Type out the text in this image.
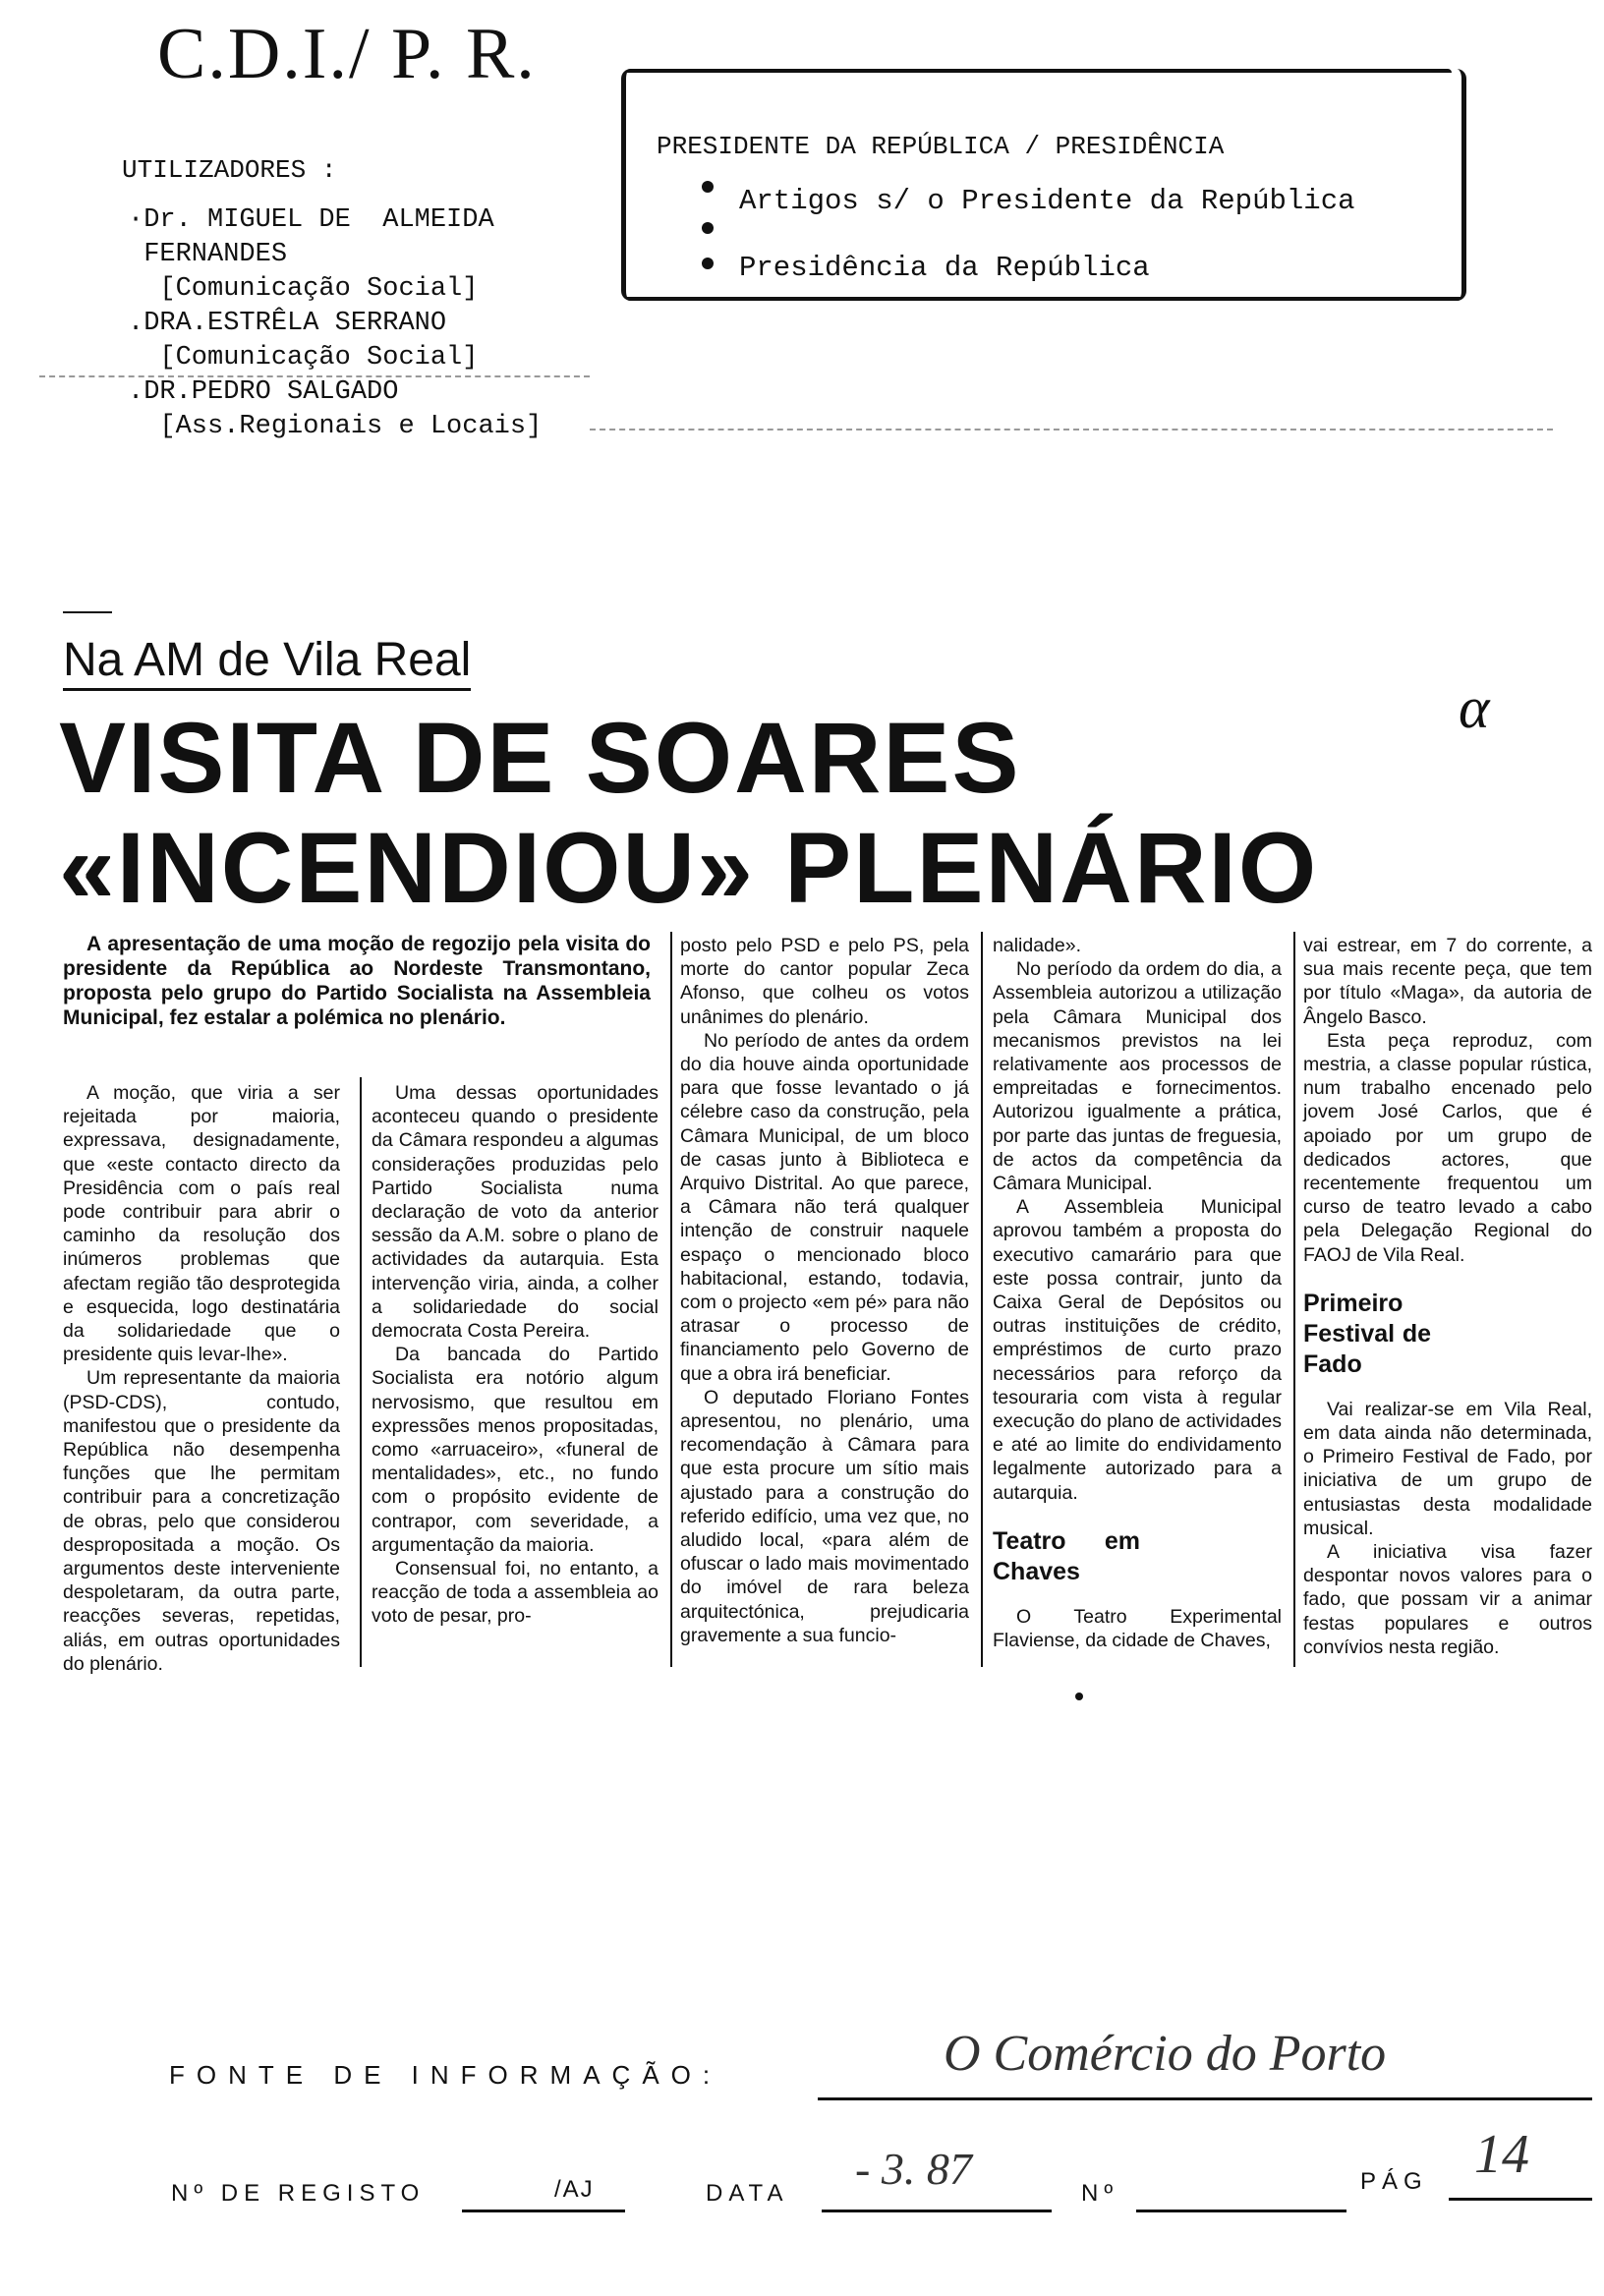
C.D.I./ P. R.
UTILIZADORES :
·Dr. MIGUEL DE  ALMEIDA
FERNANDES
[Comunicação Social]
.DRA.ESTRÊLA SERRANO
[Comunicação Social]
.DR.PEDRO SALGADO
[Ass.Regionais e Locais]
PRESIDENTE DA REPÚBLICA / PRESIDÊNCIA
Artigos s/ o Presidente da República
Presidência da República
Na AM de Vila Real
α
VISITA DE SOARES
«INCENDIOU» PLENÁRIO

A apresentação de uma moção de regozijo pela visita do presidente da República ao Nordeste Transmontano, proposta pelo grupo do Partido Socialista na Assembleia Municipal, fez estalar a polémica no plenário.

A moção, que viria a ser rejeitada por maioria, expressava, designadamente, que «este contacto directo da Presidência com o país real pode contribuir para abrir o caminho da resolução dos inúmeros problemas que afectam região tão desprotegida e esquecida, logo destinatária da solidariedade que o presidente quis levar-lhe».

Um representante da maioria (PSD-CDS), contudo, manifestou que o presidente da República não desempenha funções que lhe permitam contribuir para a concretização de obras, pelo que considerou despropositada a moção. Os argumentos deste interveniente despoletaram, da outra parte, reacções severas, repetidas, aliás, em outras oportunidades do plenário.

Uma dessas oportunidades aconteceu quando o presidente da Câmara respondeu a algumas considerações produzidas pelo Partido Socialista numa declaração de voto da anterior sessão da A.M. sobre o plano de actividades da autarquia. Esta intervenção viria, ainda, a colher a solidariedade do social democrata Costa Pereira.

Da bancada do Partido Socialista era notório algum nervosismo, que resultou em expressões menos propositadas, como «arruaceiro», «funeral de mentalidades», etc., no fundo com o propósito evidente de contrapor, com severidade, a argumentação da maioria.

Consensual foi, no entanto, a reacção de toda a assembleia ao voto de pesar, pro-

posto pelo PSD e pelo PS, pela morte do cantor popular Zeca Afonso, que colheu os votos unânimes do plenário.

No período de antes da ordem do dia houve ainda oportunidade para que fosse levantado o já célebre caso da construção, pela Câmara Municipal, de um bloco de casas junto à Biblioteca e Arquivo Distrital. Ao que parece, a Câmara não terá qualquer intenção de construir naquele espaço o mencionado bloco habitacional, estando, todavia, com o projecto «em pé» para não atrasar o processo de financiamento pelo Governo de que a obra irá beneficiar.

O deputado Floriano Fontes apresentou, no plenário, uma recomendação à Câmara para que esta procure um sítio mais ajustado para a construção do referido edifício, uma vez que, no aludido local, «para além de ofuscar o lado mais movimentado do imóvel de rara beleza arquitectónica, prejudicaria gravemente a sua funcio-

nalidade».

No período da ordem do dia, a Assembleia autorizou a utilização pela Câmara Municipal dos mecanismos previstos na lei relativamente aos processos de empreitadas e fornecimentos. Autorizou igualmente a prática, por parte das juntas de freguesia, de actos da competência da Câmara Municipal.

A Assembleia Municipal aprovou também a proposta do executivo camarário para que este possa contrair, junto da Caixa Geral de Depósitos ou outras instituições de crédito, empréstimos de curto prazo necessários para reforço da tesouraria com vista à regular execução do plano de actividades e até ao limite do endividamento legalmente autorizado para a autarquia.

Teatro em Chaves

O Teatro Experimental Flaviense, da cidade de Chaves,

vai estrear, em 7 do corrente, a sua mais recente peça, que tem por título «Maga», da autoria de Ângelo Basco.

Esta peça reproduz, com mestria, a classe popular rústica, num trabalho encenado pelo jovem José Carlos, que é apoiado por um grupo de dedicados actores, que recentemente frequentou um curso de teatro levado a cabo pela Delegação Regional do FAOJ de Vila Real.

Primeiro Festival de Fado

Vai realizar-se em Vila Real, em data ainda não determinada, o Primeiro Festival de Fado, por iniciativa de um grupo de entusiastas desta modalidade musical.

A iniciativa visa fazer despontar novos valores para o fado, que possam vir a animar festas populares e outros convívios nesta região.

FONTE DE INFORMAÇÃO:	O Comércio do Porto
Nº DE REGISTO	/AJ	DATA - 3. 87	Nº	PÁG 14
